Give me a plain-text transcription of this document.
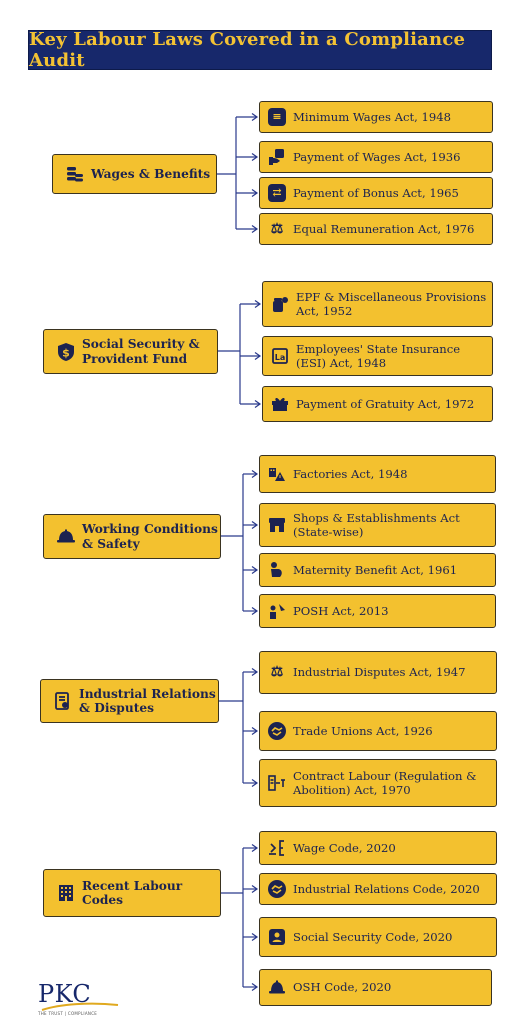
Key Labour Laws Covered in a Compliance Audit
Wages & Benefits
≡ Minimum Wages Act, 1948
Payment of Wages Act, 1936
⇄ Payment of Bonus Act, 1965
⚖ Equal Remuneration Act, 1976
$
Social Security & Provident Fund
EPF & Miscellaneous Provisions Act, 1952
La
Employees' State Insurance (ESI) Act, 1948
Payment of Gratuity Act, 1972
Working Conditions & Safety
Factories Act, 1948
Shops & Establishments Act (State-wise)
Maternity Benefit Act, 1961
POSH Act, 2013
Industrial Relations & Disputes
⚖ Industrial Disputes Act, 1947
Trade Unions Act, 1926
Contract Labour (Regulation & Abolition) Act, 1970
Recent Labour Codes
Wage Code, 2020
Industrial Relations Code, 2020
Social Security Code, 2020
OSH Code, 2020
PKC
THE TRUST | COMPLIANCE
